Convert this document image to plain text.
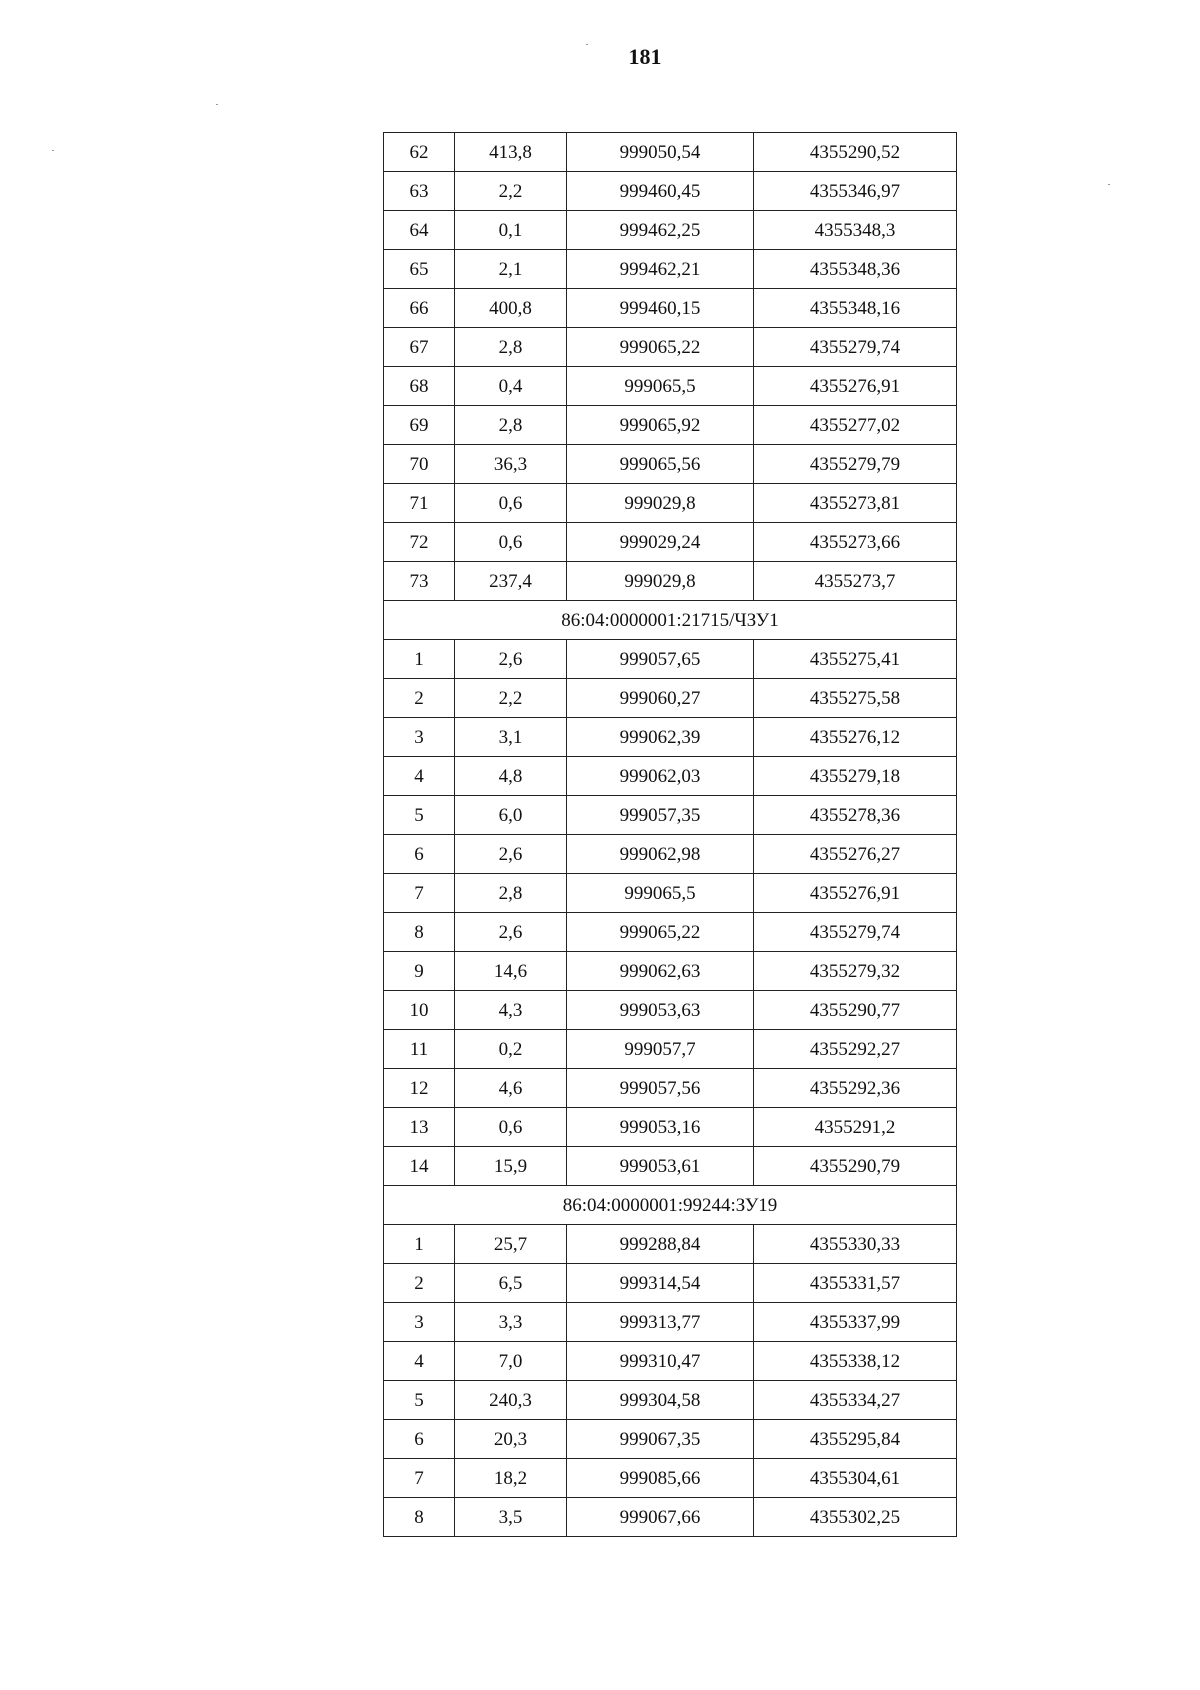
181
62	413,8	999050,54	4355290,52
63	2,2	999460,45	4355346,97
64	0,1	999462,25	4355348,3
65	2,1	999462,21	4355348,36
66	400,8	999460,15	4355348,16
67	2,8	999065,22	4355279,74
68	0,4	999065,5	4355276,91
69	2,8	999065,92	4355277,02
70	36,3	999065,56	4355279,79
71	0,6	999029,8	4355273,81
72	0,6	999029,24	4355273,66
73	237,4	999029,8	4355273,7
86:04:0000001:21715/ЧЗУ1			
1	2,6	999057,65	4355275,41
2	2,2	999060,27	4355275,58
3	3,1	999062,39	4355276,12
4	4,8	999062,03	4355279,18
5	6,0	999057,35	4355278,36
6	2,6	999062,98	4355276,27
7	2,8	999065,5	4355276,91
8	2,6	999065,22	4355279,74
9	14,6	999062,63	4355279,32
10	4,3	999053,63	4355290,77
11	0,2	999057,7	4355292,27
12	4,6	999057,56	4355292,36
13	0,6	999053,16	4355291,2
14	15,9	999053,61	4355290,79
86:04:0000001:99244:ЗУ19			
1	25,7	999288,84	4355330,33
2	6,5	999314,54	4355331,57
3	3,3	999313,77	4355337,99
4	7,0	999310,47	4355338,12
5	240,3	999304,58	4355334,27
6	20,3	999067,35	4355295,84
7	18,2	999085,66	4355304,61
8	3,5	999067,66	4355302,25
